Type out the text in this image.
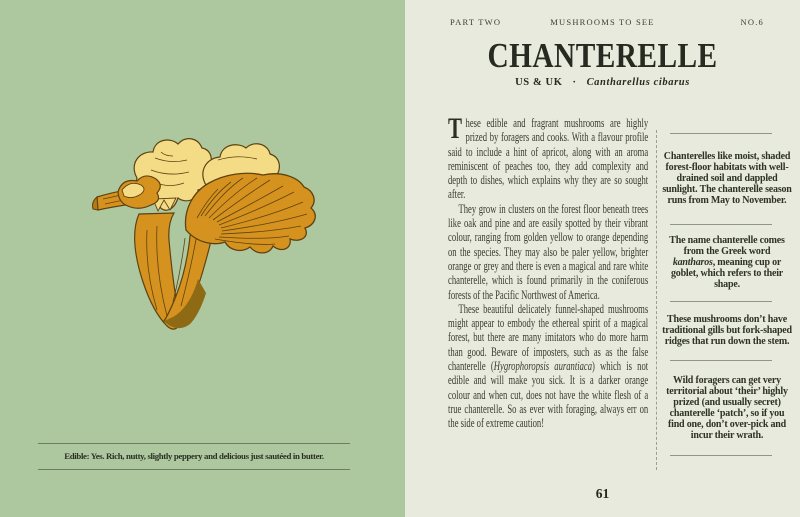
Edible: Yes. Rich, nutty, slightly peppery and delicious just sautéed in butter.
PART TWO	MUSHROOMS TO SEE	NO.6
CHANTERELLE
US & UK · Cantharellus cibarus

These edible and fragrant mushrooms are highly prized by foragers and cooks. With a flavour profile said to include a hint of apricot, along with an aroma reminiscent of peaches too, they add complexity and depth to dishes, which explains why they are so sought after.

They grow in clusters on the forest floor beneath trees like oak and pine and are easily spotted by their vibrant colour, ranging from golden yellow to orange depending on the species. They may also be paler yellow, brighter orange or grey and there is even a magical and rare white chanterelle, which is found primarily in the coniferous forests of the Pacific Northwest of America.

These beautiful delicately funnel-shaped mushrooms might appear to embody the ethereal spirit of a magical forest, but there are many imitators who do more harm than good. Beware of imposters, such as as the false chanterelle (Hygrophoropsis aurantiaca) which is not edible and will make you sick. It is a darker orange colour and when cut, does not have the white flesh of a true chanterelle. So as ever with foraging, always err on the side of extreme caution!

Chanterelles like moist, shaded forest-floor habitats with well-drained soil and dappled sunlight. The chanterelle season runs from May to November.
The name chanterelle comes from the Greek word kantharos, meaning cup or goblet, which refers to their shape.
These mushrooms don’t have traditional gills but fork-shaped ridges that run down the stem.
Wild foragers can get very territorial about ‘their’ highly prized (and usually secret) chanterelle ‘patch’, so if you find one, don’t over-pick and incur their wrath.
61
